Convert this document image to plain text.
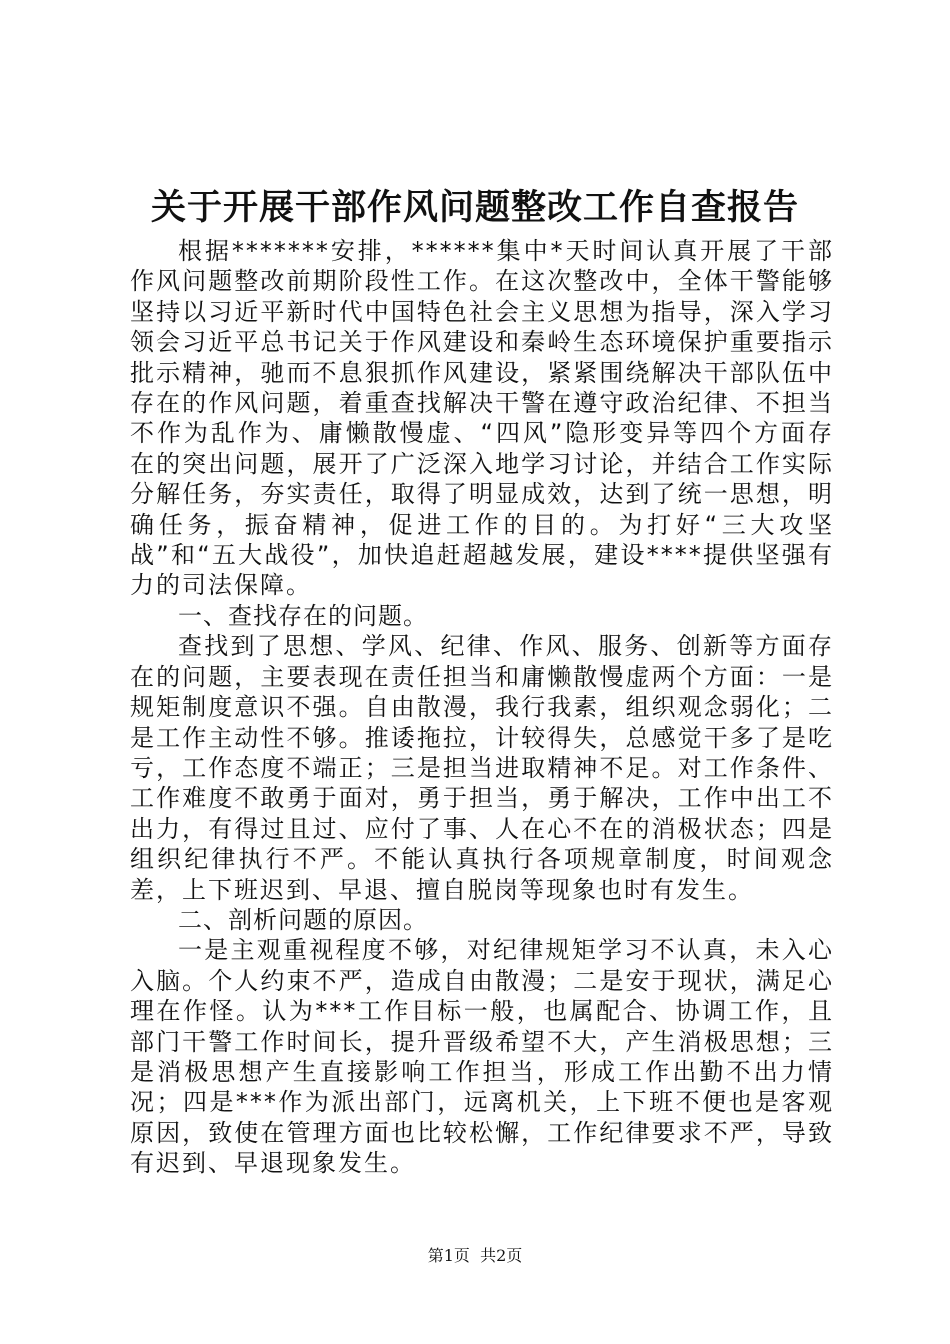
关于开展干部作风问题整改工作自查报告

根据*******安排，******集中*天时间认真开展了干部作风问题整改前期阶段性工作。在这次整改中，全体干警能够坚持以习近平新时代中国特色社会主义思想为指导，深入学习领会习近平总书记关于作风建设和秦岭生态环境保护重要指示批示精神，驰而不息狠抓作风建设，紧紧围绕解决干部队伍中存在的作风问题，着重查找解决干警在遵守政治纪律、不担当不作为乱作为、庸懒散慢虚、“四风”隐形变异等四个方面存在的突出问题，展开了广泛深入地学习讨论，并结合工作实际分解任务，夯实责任，取得了明显成效，达到了统一思想，明确任务，振奋精神，促进工作的目的。为打好“三大攻坚战”和“五大战役”，加快追赶超越发展，建设****提供坚强有力的司法保障。

一、查找存在的问题。

查找到了思想、学风、纪律、作风、服务、创新等方面存在的问题，主要表现在责任担当和庸懒散慢虚两个方面：一是规矩制度意识不强。自由散漫，我行我素，组织观念弱化；二是工作主动性不够。推诿拖拉，计较得失，总感觉干多了是吃亏，工作态度不端正；三是担当进取精神不足。对工作条件、工作难度不敢勇于面对，勇于担当，勇于解决，工作中出工不出力，有得过且过、应付了事、人在心不在的消极状态；四是组织纪律执行不严。不能认真执行各项规章制度，时间观念差，上下班迟到、早退、擅自脱岗等现象也时有发生。

二、剖析问题的原因。

一是主观重视程度不够，对纪律规矩学习不认真，未入心入脑。个人约束不严，造成自由散漫；二是安于现状，满足心理在作怪。认为***工作目标一般，也属配合、协调工作，且部门干警工作时间长，提升晋级希望不大，产生消极思想；三是消极思想产生直接影响工作担当，形成工作出勤不出力情况；四是***作为派出部门，远离机关，上下班不便也是客观原因，致使在管理方面也比较松懈，工作纪律要求不严，导致有迟到、早退现象发生。

第1页  共2页
